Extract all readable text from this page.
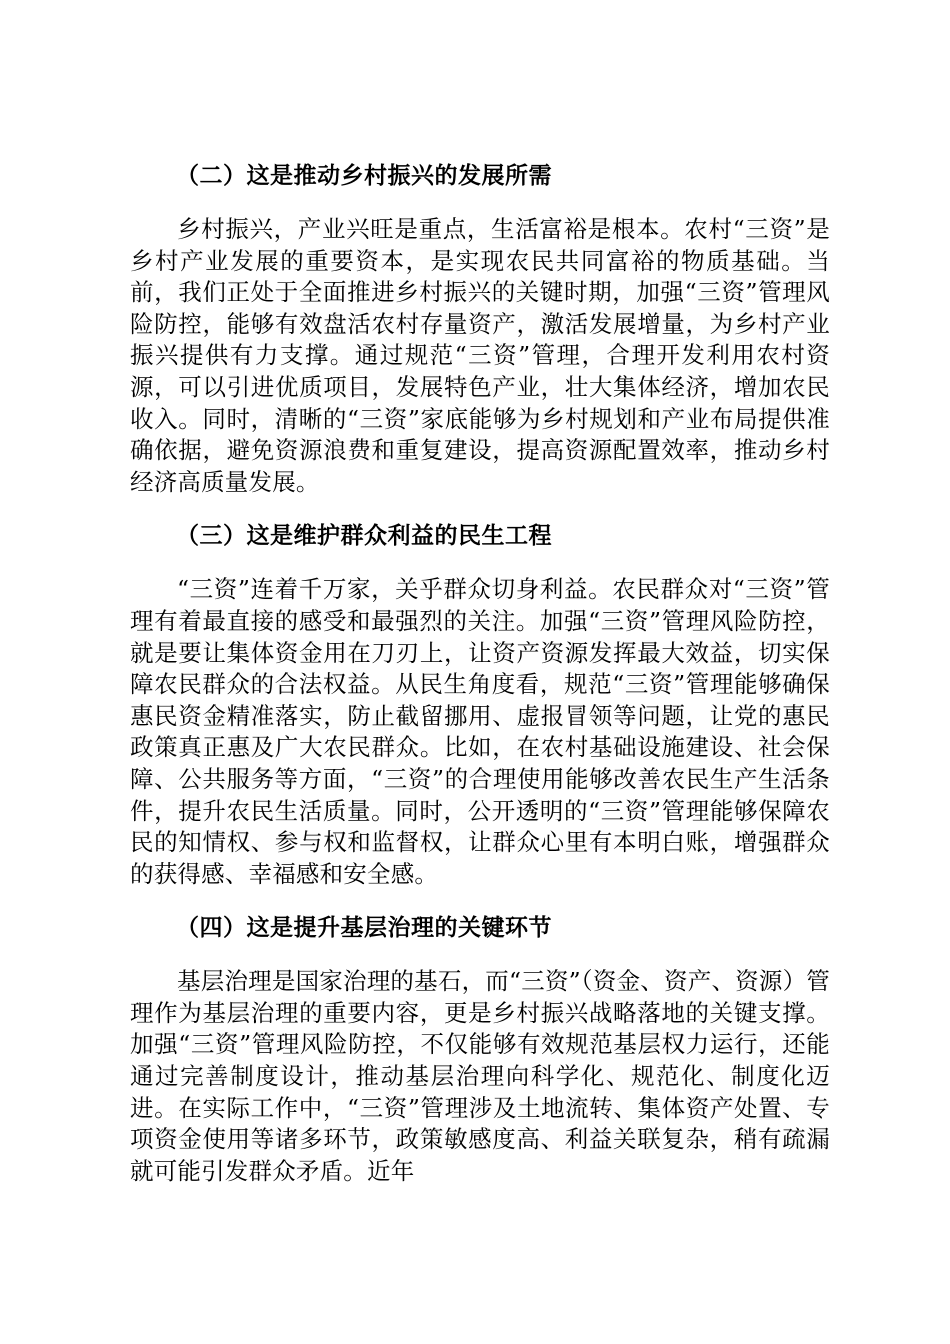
（二）这是推动乡村振兴的发展所需

乡村振兴，产业兴旺是重点，生活富裕是根本。农村“三资”是乡村产业发展的重要资本，是实现农民共同富裕的物质基础。当前，我们正处于全面推进乡村振兴的关键时期，加强“三资”管理风险防控，能够有效盘活农村存量资产，激活发展增量，为乡村产业振兴提供有力支撑。通过规范“三资”管理，合理开发利用农村资源，可以引进优质项目，发展特色产业，壮大集体经济，增加农民收入。同时，清晰的“三资”家底能够为乡村规划和产业布局提供准确依据，避免资源浪费和重复建设，提高资源配置效率，推动乡村经济高质量发展。

（三）这是维护群众利益的民生工程

“三资”连着千万家，关乎群众切身利益。农民群众对“三资”管理有着最直接的感受和最强烈的关注。加强“三资”管理风险防控，就是要让集体资金用在刀刃上，让资产资源发挥最大效益，切实保障农民群众的合法权益。从民生角度看，规范“三资”管理能够确保惠民资金精准落实，防止截留挪用、虚报冒领等问题，让党的惠民政策真正惠及广大农民群众。比如，在农村基础设施建设、社会保障、公共服务等方面，“三资”的合理使用能够改善农民生产生活条件，提升农民生活质量。同时，公开透明的“三资”管理能够保障农民的知情权、参与权和监督权，让群众心里有本明白账，增强群众的获得感、幸福感和安全感。

（四）这是提升基层治理的关键环节

基层治理是国家治理的基石，而“三资”（资金、资产、资源）管理作为基层治理的重要内容，更是乡村振兴战略落地的关键支撑。加强“三资”管理风险防控，不仅能够有效规范基层权力运行，还能通过完善制度设计，推动基层治理向科学化、规范化、制度化迈进。在实际工作中，“三资”管理涉及土地流转、集体资产处置、专项资金使用等诸多环节，政策敏感度高、利益关联复杂，稍有疏漏就可能引发群众矛盾。近年
